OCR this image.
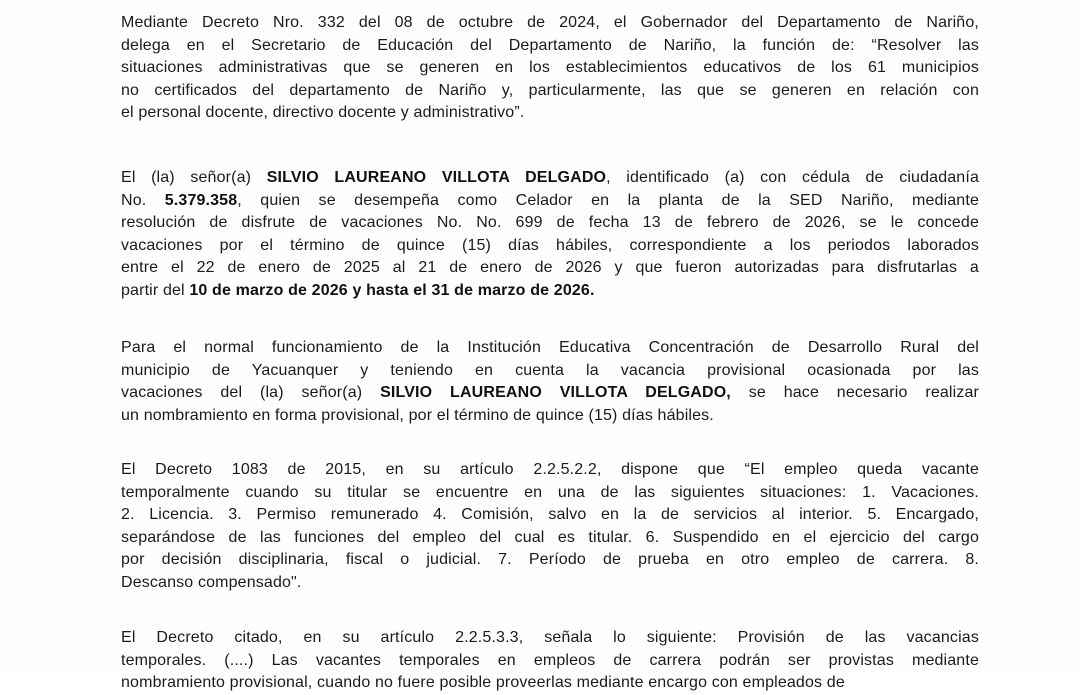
Mediante Decreto Nro. 332 del 08 de octubre de 2024, el Gobernador del Departamento de Nariño,
delega en el Secretario de Educación del Departamento de Nariño, la función de: “Resolver las
situaciones administrativas que se generen en los establecimientos educativos de los 61 municipios
no certificados del departamento de Nariño y, particularmente, las que se generen en relación con
el personal docente, directivo docente y administrativo”.
El (la) señor(a) SILVIO LAUREANO VILLOTA DELGADO, identificado (a) con cédula de ciudadanía
No. 5.379.358, quien se desempeña como Celador en la planta de la SED Nariño, mediante
resolución de disfrute de vacaciones No. No. 699 de fecha 13 de febrero de 2026, se le concede
vacaciones por el término de quince (15) días hábiles, correspondiente a los periodos laborados
entre el 22 de enero de 2025 al 21 de enero de 2026 y que fueron autorizadas para disfrutarlas a
partir del 10 de marzo de 2026 y hasta el 31 de marzo de 2026.
Para el normal funcionamiento de la Institución Educativa Concentración de Desarrollo Rural del
municipio de Yacuanquer y teniendo en cuenta la vacancia provisional ocasionada por las
vacaciones del (la) señor(a) SILVIO LAUREANO VILLOTA DELGADO, se hace necesario realizar
un nombramiento en forma provisional, por el término de quince (15) días hábiles.
El Decreto 1083 de 2015, en su artículo 2.2.5.2.2, dispone que “El empleo queda vacante
temporalmente cuando su titular se encuentre en una de las siguientes situaciones: 1. Vacaciones.
2. Licencia. 3. Permiso remunerado 4. Comisión, salvo en la de servicios al interior. 5. Encargado,
separándose de las funciones del empleo del cual es titular. 6. Suspendido en el ejercicio del cargo
por decisión disciplinaria, fiscal o judicial. 7. Período de prueba en otro empleo de carrera. 8.
Descanso compensado".
El Decreto citado, en su artículo 2.2.5.3.3, señala lo siguiente: Provisión de las vacancias
temporales. (....) Las vacantes temporales en empleos de carrera podrán ser provistas mediante
nombramiento provisional, cuando no fuere posible proveerlas mediante encargo con empleados de
